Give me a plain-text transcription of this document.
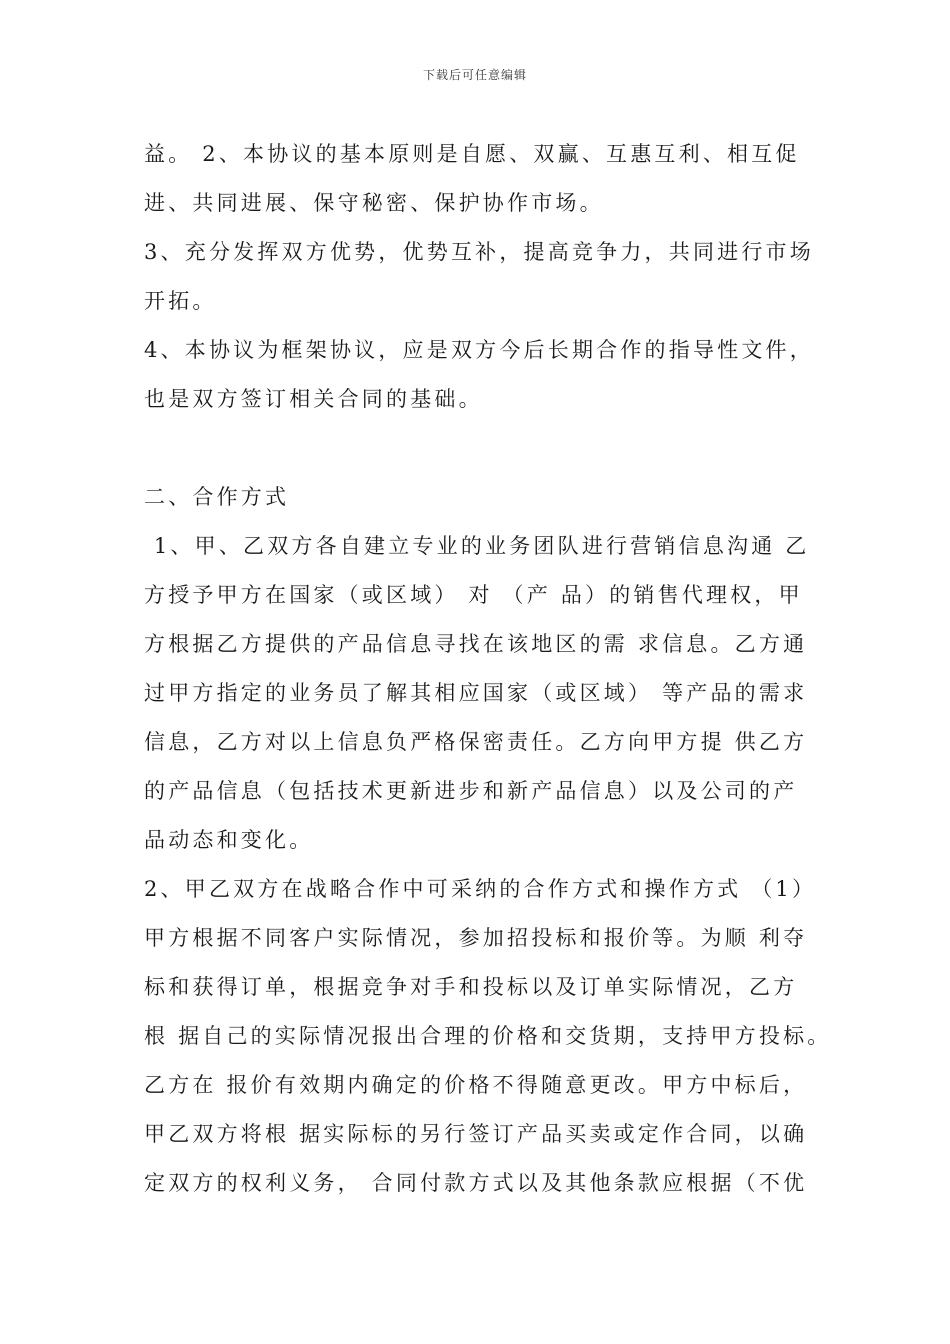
下载后可任意编辑
益。 2、本协议的基本原则是自愿、双赢、互惠互利、相互促
进、共同进展、保守秘密、保护协作市场。
3、充分发挥双方优势，优势互补，提高竞争力，共同进行市场
开拓。
4、本协议为框架协议，应是双方今后长期合作的指导性文件，
也是双方签订相关合同的基础。
二、合作方式
1、甲、乙双方各自建立专业的业务团队进行营销信息沟通 乙
方授予甲方在国家（或区域） 对 （产 品）的销售代理权，甲
方根据乙方提供的产品信息寻找在该地区的需 求信息。乙方通
过甲方指定的业务员了解其相应国家（或区域） 等产品的需求
信息，乙方对以上信息负严格保密责任。乙方向甲方提 供乙方
的产品信息（包括技术更新进步和新产品信息）以及公司的产
品动态和变化。
2、甲乙双方在战略合作中可采纳的合作方式和操作方式 （1）
甲方根据不同客户实际情况，参加招投标和报价等。为顺 利夺
标和获得订单，根据竞争对手和投标以及订单实际情况，乙方
根 据自己的实际情况报出合理的价格和交货期，支持甲方投标。
乙方在 报价有效期内确定的价格不得随意更改。甲方中标后，
甲乙双方将根 据实际标的另行签订产品买卖或定作合同，以确
定双方的权利义务， 合同付款方式以及其他条款应根据（不优
